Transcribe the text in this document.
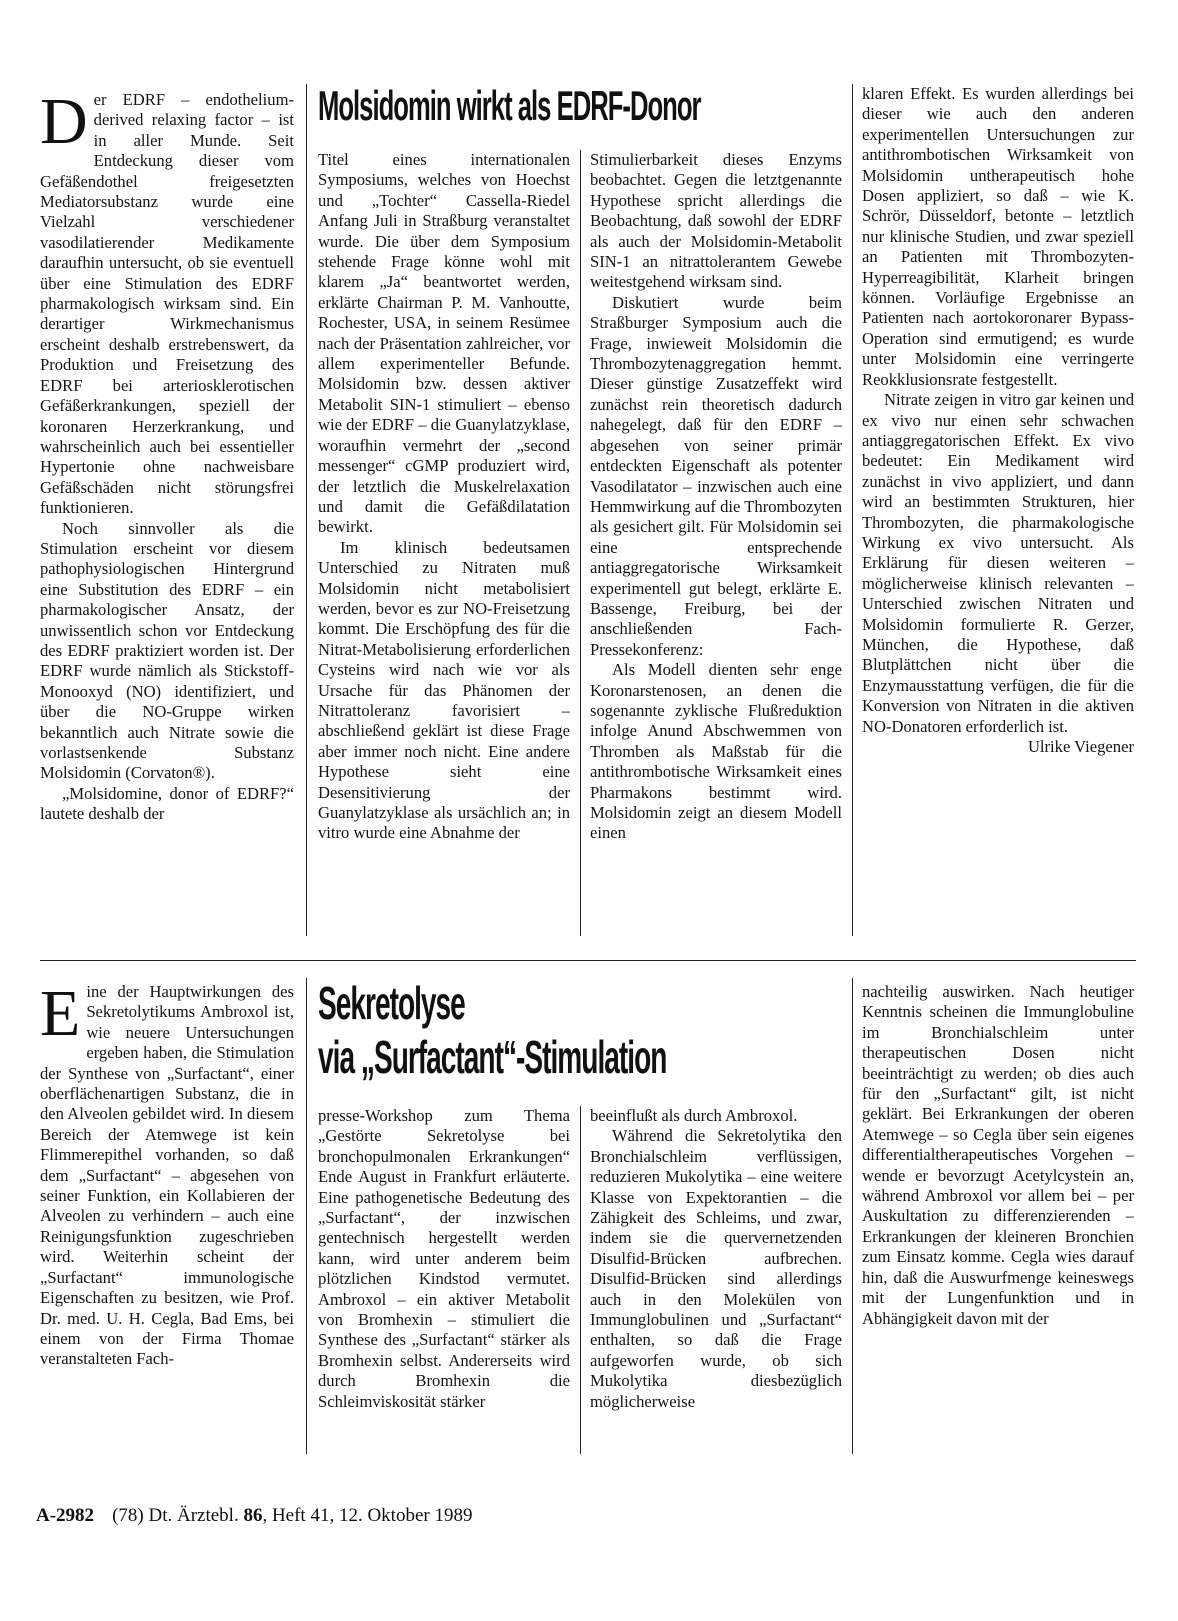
D er EDRF – endothelium-derived relaxing factor – ist in aller Munde. Seit Entdeckung dieser vom Gefäßendothel freigesetzten Mediatorsubstanz wurde eine Vielzahl verschiedener vasodilatierender Medikamente daraufhin untersucht, ob sie eventuell über eine Stimulation des EDRF pharmakologisch wirksam sind. Ein derartiger Wirkmechanismus erscheint deshalb erstrebenswert, da Produktion und Freisetzung des EDRF bei arteriosklerotischen Gefäßerkrankungen, speziell der koronaren Herzerkrankung, und wahrscheinlich auch bei essentieller Hypertonie ohne nachweisbare Gefäßschäden nicht störungsfrei funktionieren.

Noch sinnvoller als die Stimulation erscheint vor diesem pathophysiologischen Hintergrund eine Substitution des EDRF – ein pharmakologischer Ansatz, der unwissentlich schon vor Entdeckung des EDRF praktiziert worden ist. Der EDRF wurde nämlich als Stickstoff-Monooxyd (NO) identifiziert, und über die NO-Gruppe wirken bekanntlich auch Nitrate sowie die vorlastsenkende Substanz Molsidomin (Corvaton®).

„Molsidomine, donor of EDRF?“ lautete deshalb der

Molsidomin wirkt als EDRF-Donor

Titel eines internationalen Symposiums, welches von Hoechst und „Tochter“ Cassella-Riedel Anfang Juli in Straßburg veranstaltet wurde. Die über dem Symposium stehende Frage könne wohl mit klarem „Ja“ beantwortet werden, erklärte Chairman P. M. Vanhoutte, Rochester, USA, in seinem Resümee nach der Präsentation zahlreicher, vor allem experimenteller Befunde. Molsidomin bzw. dessen aktiver Metabolit SIN-1 stimuliert – ebenso wie der EDRF – die Guanylatzyklase, woraufhin vermehrt der „second messenger“ cGMP produziert wird, der letztlich die Muskelrelaxation und damit die Gefäßdilatation bewirkt.

Im klinisch bedeutsamen Unterschied zu Nitraten muß Molsidomin nicht metabolisiert werden, bevor es zur NO-Freisetzung kommt. Die Erschöpfung des für die Nitrat-Metabolisierung erforderlichen Cysteins wird nach wie vor als Ursache für das Phänomen der Nitrattoleranz favorisiert – abschließend geklärt ist diese Frage aber immer noch nicht. Eine andere Hypothese sieht eine Desensitivierung der Guanylatzyklase als ursächlich an; in vitro wurde eine Abnahme der

Stimulierbarkeit dieses Enzyms beobachtet. Gegen die letztgenannte Hypothese spricht allerdings die Beobachtung, daß sowohl der EDRF als auch der Molsidomin-Metabolit SIN-1 an nitrattolerantem Gewebe weitestgehend wirksam sind.

Diskutiert wurde beim Straßburger Symposium auch die Frage, inwieweit Molsidomin die Thrombozytenaggregation hemmt. Dieser günstige Zusatzeffekt wird zunächst rein theoretisch dadurch nahegelegt, daß für den EDRF – abgesehen von seiner primär entdeckten Eigenschaft als potenter Vasodilatator – inzwischen auch eine Hemmwirkung auf die Thrombozyten als gesichert gilt. Für Molsidomin sei eine entsprechende antiaggregatorische Wirksamkeit experimentell gut belegt, erklärte E. Bassenge, Freiburg, bei der anschließenden Fach-Pressekonferenz:

Als Modell dienten sehr enge Koronarstenosen, an denen die sogenannte zyklische Flußreduktion infolge Anund Abschwemmen von Thromben als Maßstab für die antithrombotische Wirksamkeit eines Pharmakons bestimmt wird. Molsidomin zeigt an diesem Modell einen

klaren Effekt. Es wurden allerdings bei dieser wie auch den anderen experimentellen Untersuchungen zur antithrombotischen Wirksamkeit von Molsidomin untherapeutisch hohe Dosen appliziert, so daß – wie K. Schrör, Düsseldorf, betonte – letztlich nur klinische Studien, und zwar speziell an Patienten mit Thrombozyten-Hyperreagibilität, Klarheit bringen können. Vorläufige Ergebnisse an Patienten nach aortokoronarer Bypass-Operation sind ermutigend; es wurde unter Molsidomin eine verringerte Reokklusionsrate festgestellt.

Nitrate zeigen in vitro gar keinen und ex vivo nur einen sehr schwachen antiaggregatorischen Effekt. Ex vivo bedeutet: Ein Medikament wird zunächst in vivo appliziert, und dann wird an bestimmten Strukturen, hier Thrombozyten, die pharmakologische Wirkung ex vivo untersucht. Als Erklärung für diesen weiteren – möglicherweise klinisch relevanten – Unterschied zwischen Nitraten und Molsidomin formulierte R. Gerzer, München, die Hypothese, daß Blutplättchen nicht über die Enzymausstattung verfügen, die für die Konversion von Nitraten in die aktiven NO-Donatoren erforderlich ist.

Ulrike Viegener
E ine der Hauptwirkungen des Sekretolytikums Ambroxol ist, wie neuere Untersuchungen ergeben haben, die Stimulation der Synthese von „Surfactant“, einer oberflächenartigen Substanz, die in den Alveolen gebildet wird. In diesem Bereich der Atemwege ist kein Flimmerepithel vorhanden, so daß dem „Surfactant“ – abgesehen von seiner Funktion, ein Kollabieren der Alveolen zu verhindern – auch eine Reinigungsfunktion zugeschrieben wird. Weiterhin scheint der „Surfactant“ immunologische Eigenschaften zu besitzen, wie Prof. Dr. med. U. H. Cegla, Bad Ems, bei einem von der Firma Thomae veranstalteten Fach-

Sekretolyse
via „Surfactant“-Stimulation

presse-Workshop zum Thema „Gestörte Sekretolyse bei bronchopulmonalen Erkrankungen“ Ende August in Frankfurt erläuterte. Eine pathogenetische Bedeutung des „Surfactant“, der inzwischen gentechnisch hergestellt werden kann, wird unter anderem beim plötzlichen Kindstod vermutet. Ambroxol – ein aktiver Metabolit von Bromhexin – stimuliert die Synthese des „Surfactant“ stärker als Bromhexin selbst. Andererseits wird durch Bromhexin die Schleimviskosität stärker

beeinflußt als durch Ambroxol.

Während die Sekretolytika den Bronchialschleim verflüssigen, reduzieren Mukolytika – eine weitere Klasse von Expektorantien – die Zähigkeit des Schleims, und zwar, indem sie die quervernetzenden Disulfid-Brücken aufbrechen. Disulfid-Brücken sind allerdings auch in den Molekülen von Immunglobulinen und „Surfactant“ enthalten, so daß die Frage aufgeworfen wurde, ob sich Mukolytika diesbezüglich möglicherweise

nachteilig auswirken. Nach heutiger Kenntnis scheinen die Immunglobuline im Bronchialschleim unter therapeutischen Dosen nicht beeinträchtigt zu werden; ob dies auch für den „Surfactant“ gilt, ist nicht geklärt. Bei Erkrankungen der oberen Atemwege – so Cegla über sein eigenes differentialtherapeutisches Vorgehen – wende er bevorzugt Acetylcystein an, während Ambroxol vor allem bei – per Auskultation zu differenzierenden – Erkrankungen der kleineren Bronchien zum Einsatz komme. Cegla wies darauf hin, daß die Auswurfmenge keineswegs mit der Lungenfunktion und in Abhängigkeit davon mit der

A-2982 (78) Dt. Ärztebl. 86, Heft 41, 12. Oktober 1989
